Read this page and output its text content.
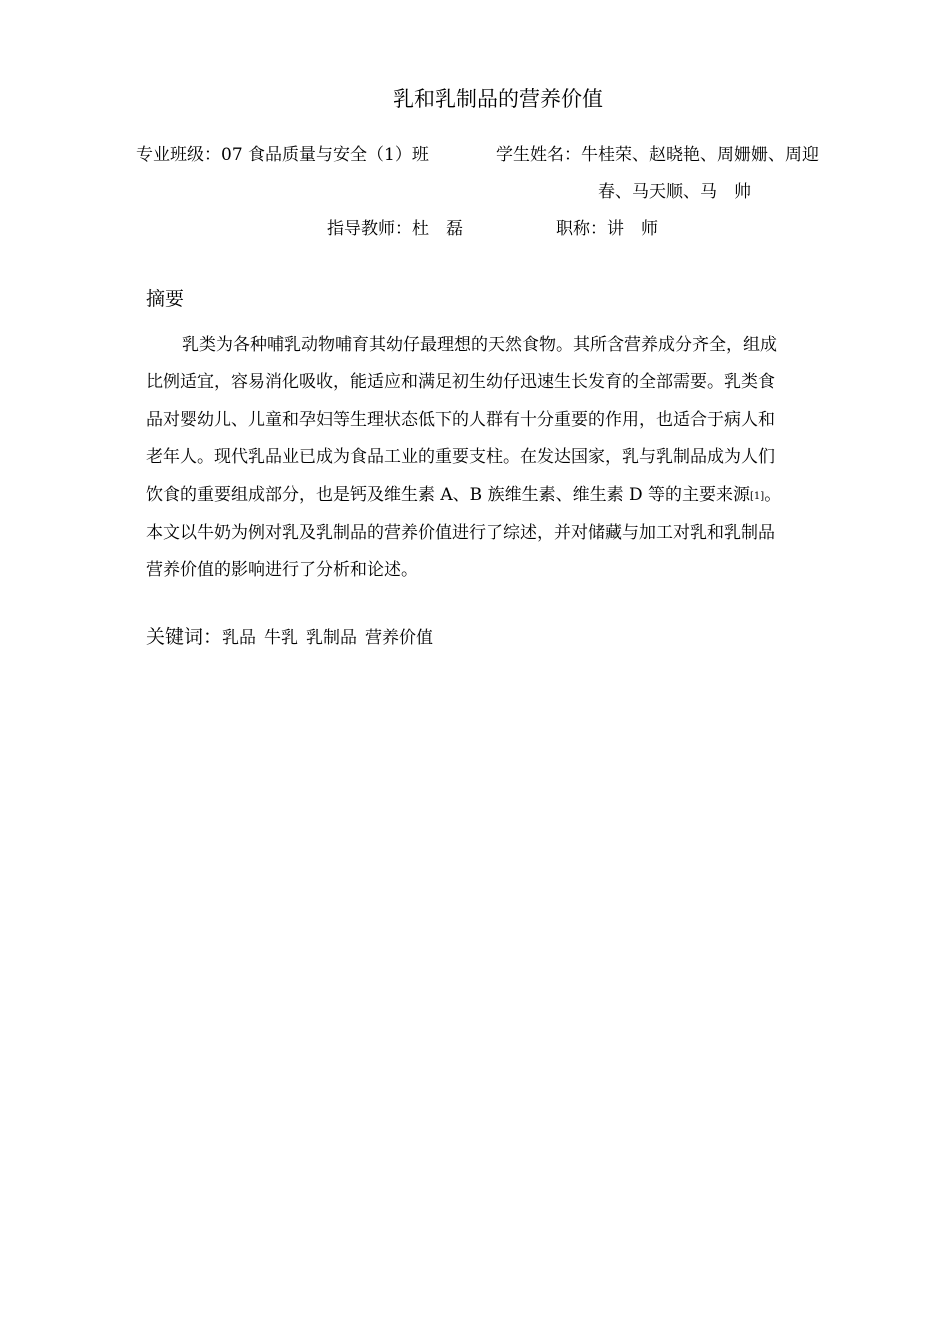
乳和乳制品的营养价值
专业班级：07 食品质量与安全（1）班	学生姓名：牛桂荣、赵晓艳、周姗姗、周迎
春、马天顺、马　帅
指导教师：杜　磊	职称：讲　师
摘要
乳类为各种哺乳动物哺育其幼仔最理想的天然食物。其所含营养成分齐全，组成
比例适宜，容易消化吸收，能适应和满足初生幼仔迅速生长发育的全部需要。乳类食
品对婴幼儿、儿童和孕妇等生理状态低下的人群有十分重要的作用，也适合于病人和
老年人。现代乳品业已成为食品工业的重要支柱。在发达国家，乳与乳制品成为人们
饮食的重要组成部分，也是钙及维生素 A、B 族维生素、维生素 D 等的主要来源[1]。
本文以牛奶为例对乳及乳制品的营养价值进行了综述，并对储藏与加工对乳和乳制品
营养价值的影响进行了分析和论述。
关键词：乳品 牛乳 乳制品 营养价值
